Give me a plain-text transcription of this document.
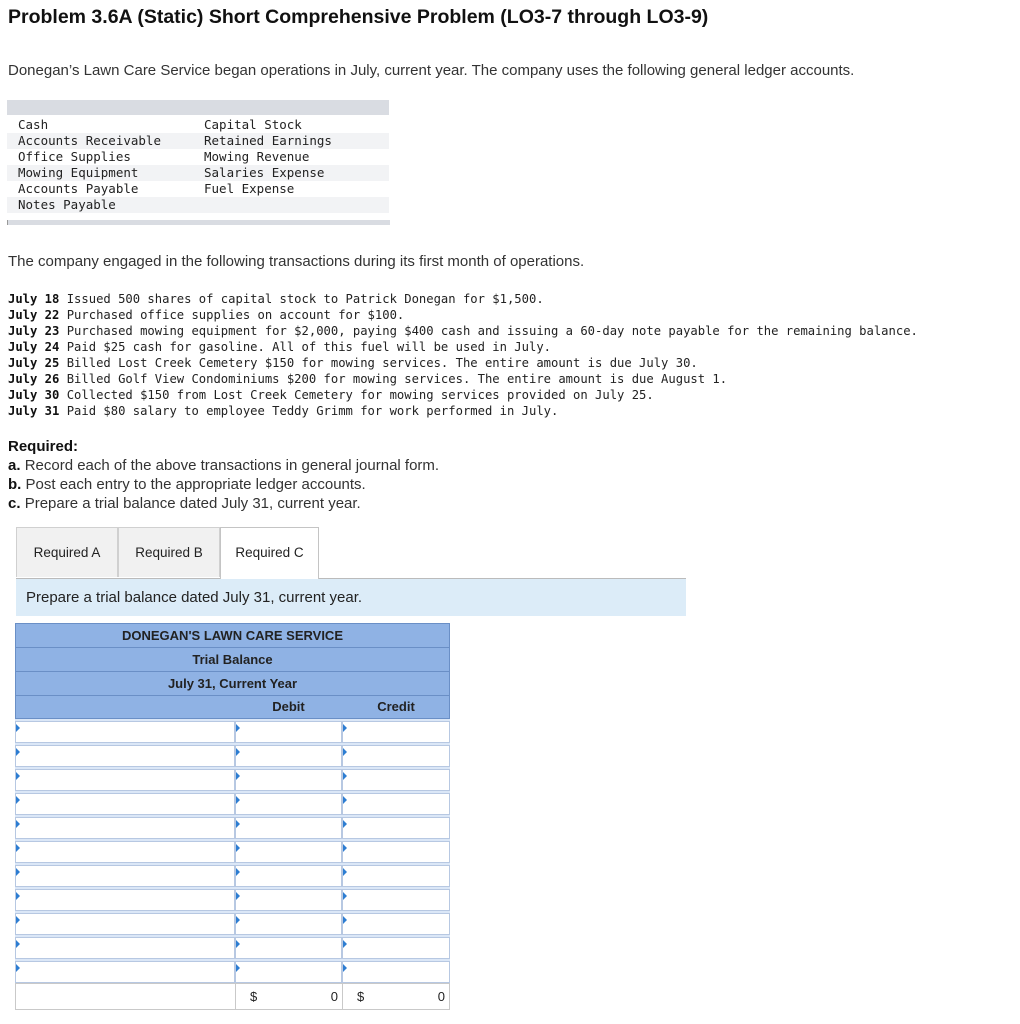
Problem 3.6A (Static) Short Comprehensive Problem (LO3-7 through LO3-9)
Donegan’s Lawn Care Service began operations in July, current year. The company uses the following general ledger accounts.
Cash	Capital Stock
Accounts Receivable	Retained Earnings
Office Supplies	Mowing Revenue
Mowing Equipment	Salaries Expense
Accounts Payable	Fuel Expense
Notes Payable
The company engaged in the following transactions during its first month of operations.
July 18 Issued 500 shares of capital stock to Patrick Donegan for $1,500.
July 22 Purchased office supplies on account for $100.
July 23 Purchased mowing equipment for $2,000, paying $400 cash and issuing a 60-day note payable for the remaining balance.
July 24 Paid $25 cash for gasoline. All of this fuel will be used in July.
July 25 Billed Lost Creek Cemetery $150 for mowing services. The entire amount is due July 30.
July 26 Billed Golf View Condominiums $200 for mowing services. The entire amount is due August 1.
July 30 Collected $150 from Lost Creek Cemetery for mowing services provided on July 25.
July 31 Paid $80 salary to employee Teddy Grimm for work performed in July.
Required:
a. Record each of the above transactions in general journal form.
b. Post each entry to the appropriate ledger accounts.
c. Prepare a trial balance dated July 31, current year.
Required A	Required B	Required C
Prepare a trial balance dated July 31, current year.
DONEGAN'S LAWN CARE SERVICE
Trial Balance
July 31, Current Year
Debit	Credit
$	0 $	0
